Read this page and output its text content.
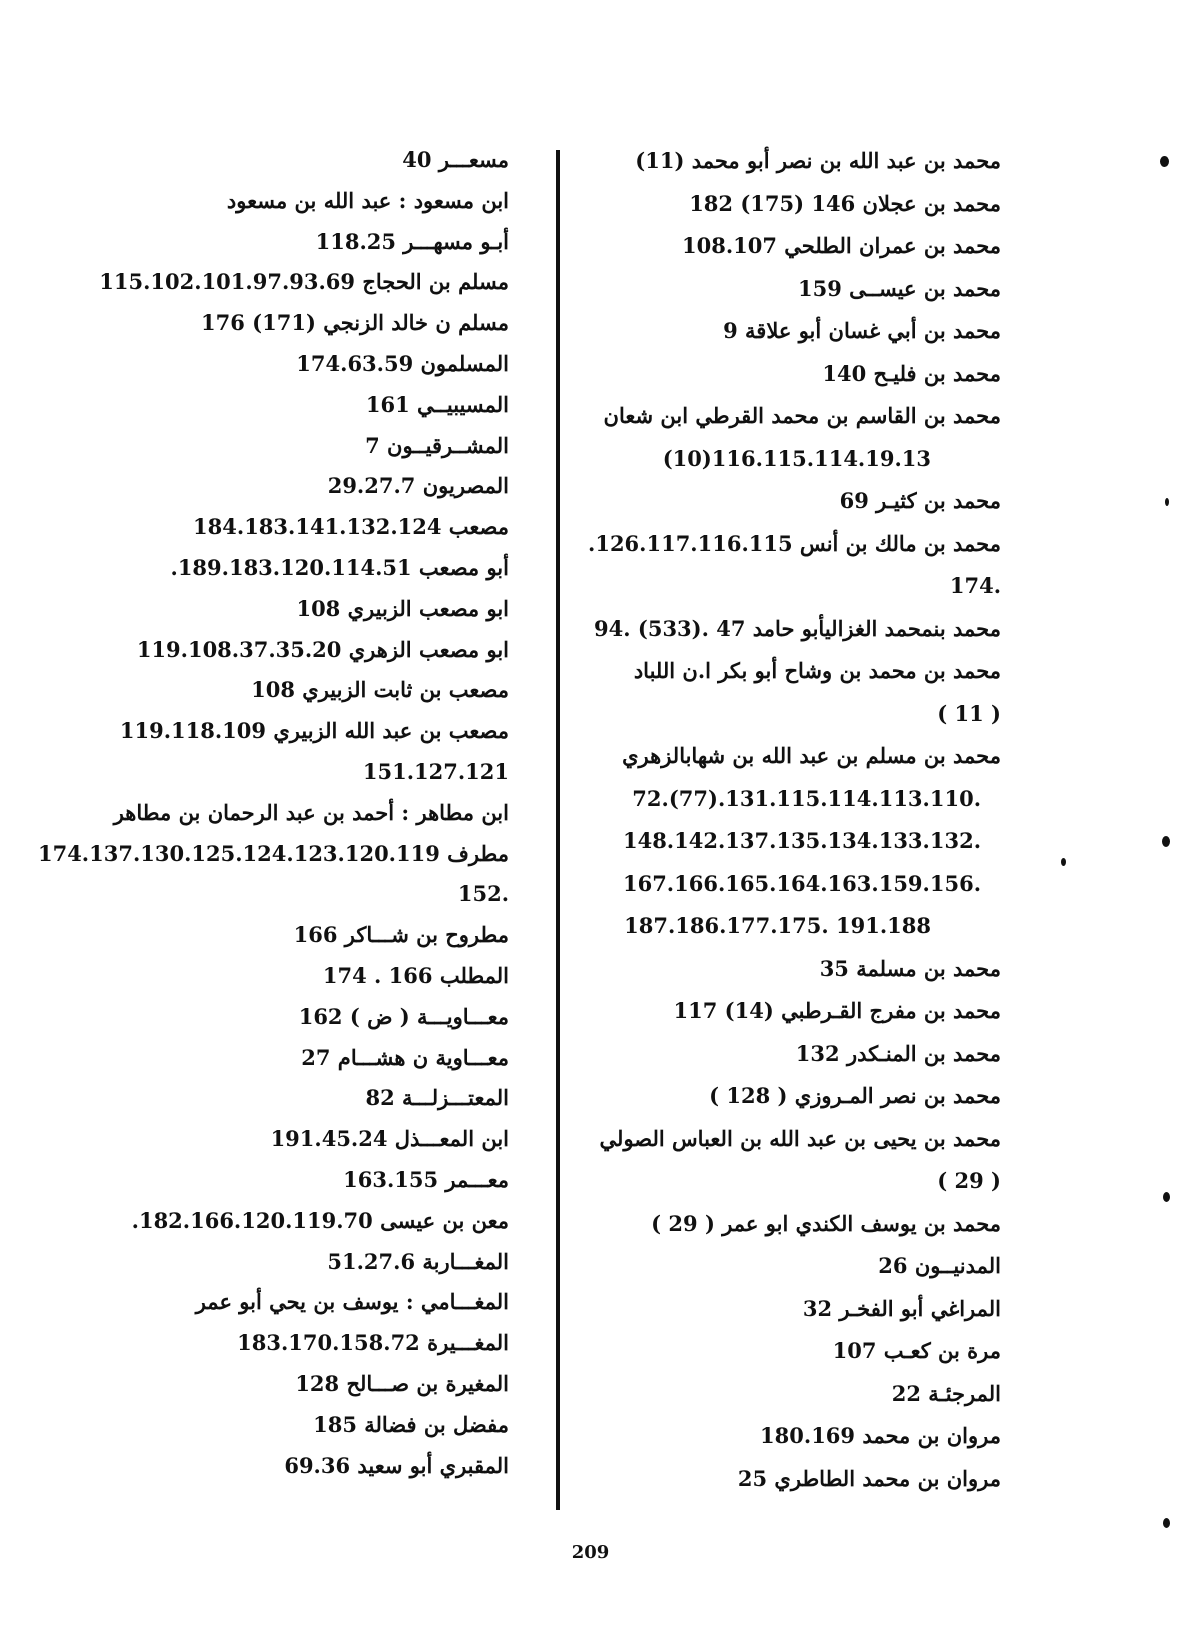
محمد بن عبد الله بن نصر أبو محمد (11)
محمد بن عجلان 146 (175) 182
محمد بن عمران الطلحي 108.107
محمد بن عيســى 159
محمد بن أبي غسان أبو علاقة 9
محمد بن فليـح 140
محمد بن القاسم بن محمد القرطي ابن شعان
116.115.114.19.13(10)
محمد بن كثيـر 69
محمد بن مالك بن أنس 126.117.116.115.
.174
محمد بنمحمد الغزاليأبو حامد 47 .(533) .94
محمد بن محمد بن وشاح أبو بكر ا.ن اللباد
( 11 )
محمد بن مسلم بن عبد الله بن شهابالزهري
.131.115.114.113.110.(77).72
.148.142.137.135.134.133.132
.167.166.165.164.163.159.156
191.188 .187.186.177.175
محمد بن مسلمة 35
محمد بن مفرج القـرطبي (14) 117
محمد بن المنـكدر 132
محمد بن نصر المـروزي ( 128 )
محمد بن يحيى بن عبد الله بن العباس الصولي
( 29 )
محمد بن يوسف الكندي ابو عمر ( 29 )
المدنيــون 26
المراغي أبو الفخـر 32
مرة بن كعـب 107
المرجئـة 22
مروان بن محمد 180.169
مروان بن محمد الطاطري 25
مسعـــر 40
ابن مسعود : عبد الله بن مسعود
أبـو مسهـــر 118.25
مسلم بن الحجاج 115.102.101.97.93.69
مسلم ن خالد الزنجي (171) 176
المسلمون 174.63.59
المسيبيــي 161
المشــرقيــون 7
المصريون 29.27.7
مصعب 184.183.141.132.124
أبو مصعب 189.183.120.114.51.
ابو مصعب الزبيري 108
ابو مصعب الزهري 119.108.37.35.20
مصعب بن ثابت الزبيري 108
مصعب بن عبد الله الزبيري 119.118.109
151.127.121
ابن مطاهر : أحمد بن عبد الرحمان بن مطاهر
مطرف 174.137.130.125.124.123.120.119
.152
مطروح بن شـــاكر 166
المطلب 166 . 174
معـــاويـــة ( ض ) 162
معـــاوية ن هشـــام 27
المعتـــزلـــة 82
ابن المعـــذل 191.45.24
معـــمر 163.155
معن بن عيسى 182.166.120.119.70.
المغـــاربة 51.27.6
المغـــامي : يوسف بن يحي أبو عمر
المغـــيرة 183.170.158.72
المغيرة بن صـــالح 128
مفضل بن فضالة 185
المقبري أبو سعيد 69.36
209
